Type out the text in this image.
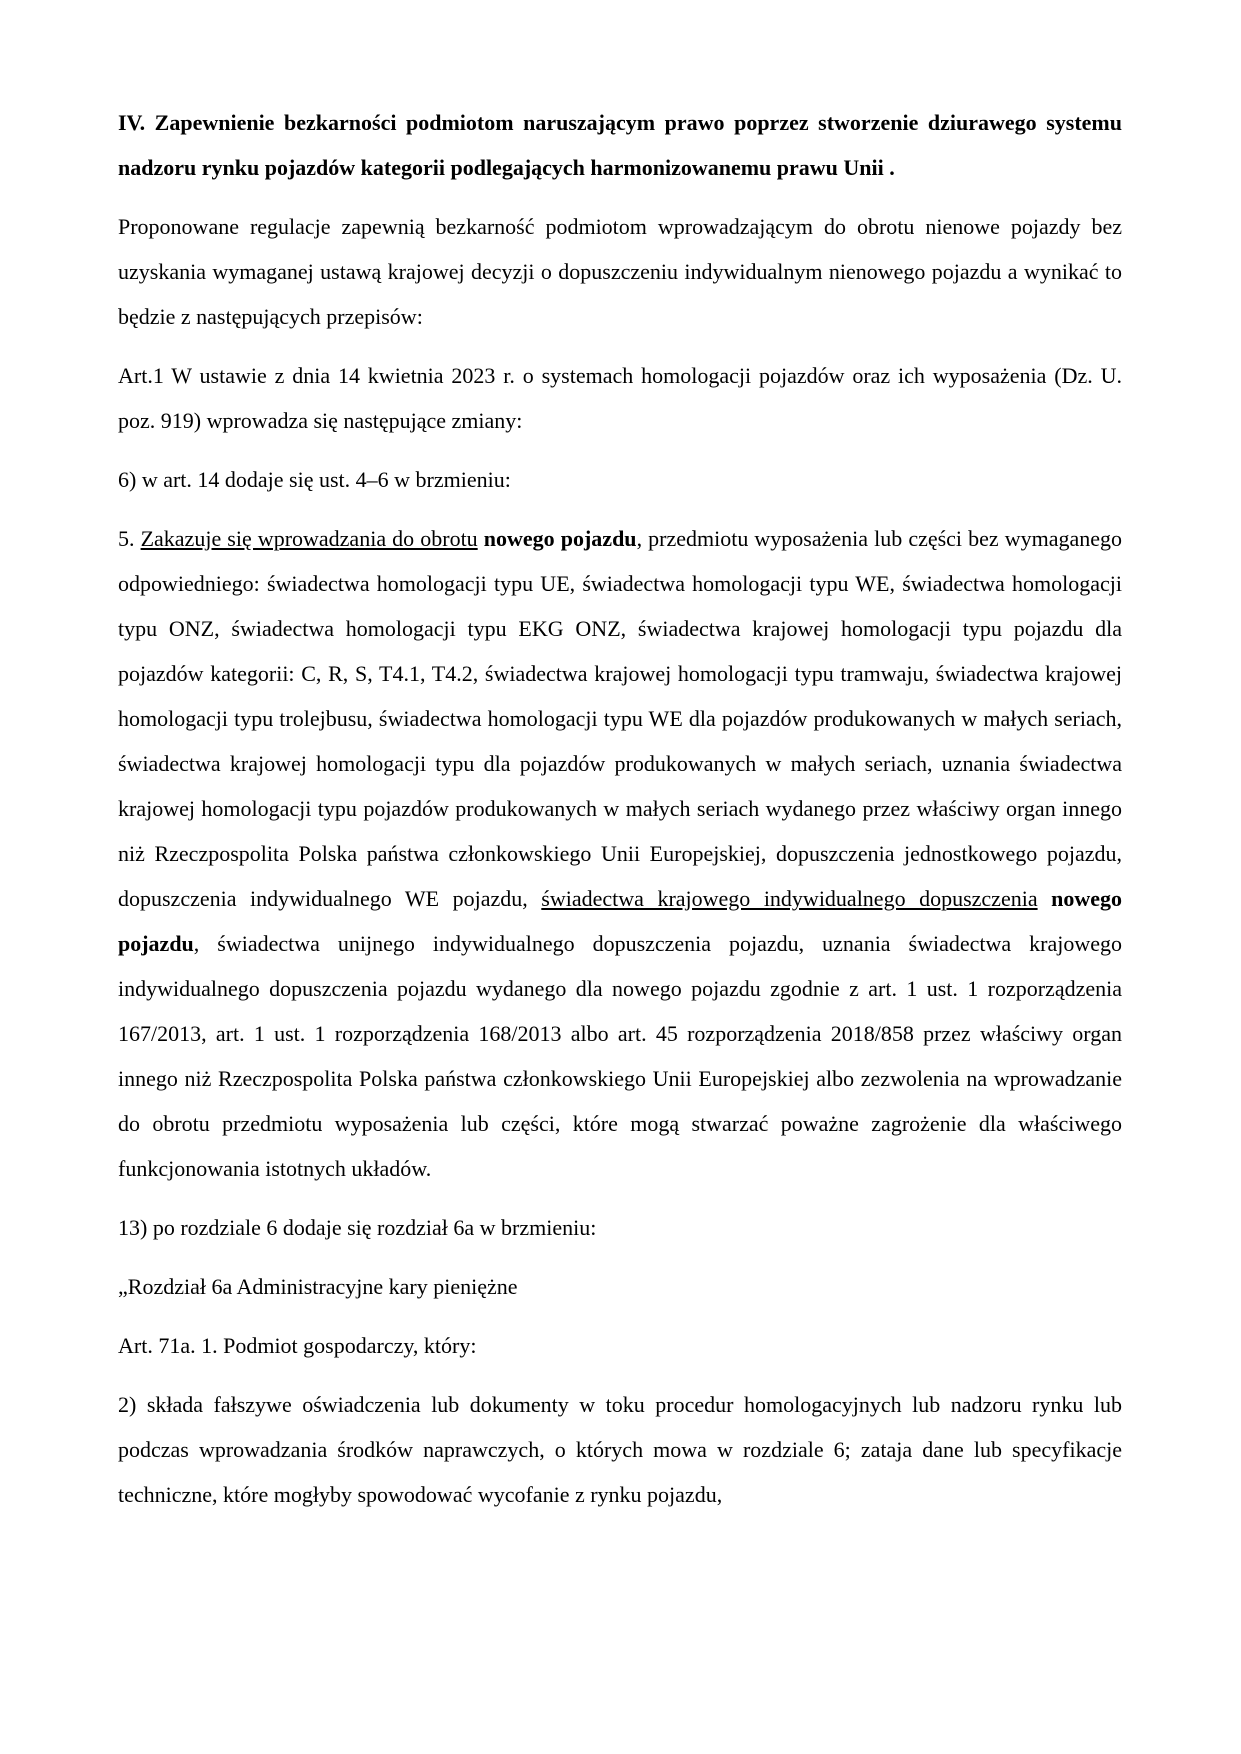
IV. Zapewnienie bezkarności podmiotom naruszającym prawo poprzez stworzenie dziurawego systemu nadzoru rynku pojazdów kategorii podlegających harmonizowanemu prawu Unii .

Proponowane regulacje zapewnią bezkarność podmiotom wprowadzającym do obrotu nienowe pojazdy bez uzyskania wymaganej ustawą krajowej decyzji o dopuszczeniu indywidualnym nienowego pojazdu a wynikać to będzie z następujących przepisów:

Art.1 W ustawie z dnia 14 kwietnia 2023 r. o systemach homologacji pojazdów oraz ich wyposażenia (Dz. U. poz. 919) wprowadza się następujące zmiany:

6) w art. 14 dodaje się ust. 4–6 w brzmieniu:

5. Zakazuje się wprowadzania do obrotu nowego pojazdu, przedmiotu wyposażenia lub części bez wymaganego odpowiedniego: świadectwa homologacji typu UE, świadectwa homologacji typu WE, świadectwa homologacji typu ONZ, świadectwa homologacji typu EKG ONZ, świadectwa krajowej homologacji typu pojazdu dla pojazdów kategorii: C, R, S, T4.1, T4.2, świadectwa krajowej homologacji typu tramwaju, świadectwa krajowej homologacji typu trolejbusu, świadectwa homologacji typu WE dla pojazdów produkowanych w małych seriach, świadectwa krajowej homologacji typu dla pojazdów produkowanych w małych seriach, uznania świadectwa krajowej homologacji typu pojazdów produkowanych w małych seriach wydanego przez właściwy organ innego niż Rzeczpospolita Polska państwa członkowskiego Unii Europejskiej, dopuszczenia jednostkowego pojazdu, dopuszczenia indywidualnego WE pojazdu, świadectwa krajowego indywidualnego dopuszczenia nowego pojazdu, świadectwa unijnego indywidualnego dopuszczenia pojazdu, uznania świadectwa krajowego indywidualnego dopuszczenia pojazdu wydanego dla nowego pojazdu zgodnie z art. 1 ust. 1 rozporządzenia 167/2013, art. 1 ust. 1 rozporządzenia 168/2013 albo art. 45 rozporządzenia 2018/858 przez właściwy organ innego niż Rzeczpospolita Polska państwa członkowskiego Unii Europejskiej albo zezwolenia na wprowadzanie do obrotu przedmiotu wyposażenia lub części, które mogą stwarzać poważne zagrożenie dla właściwego funkcjonowania istotnych układów.

13) po rozdziale 6 dodaje się rozdział 6a w brzmieniu:

„Rozdział 6a Administracyjne kary pieniężne

Art. 71a. 1. Podmiot gospodarczy, który:

2) składa fałszywe oświadczenia lub dokumenty w toku procedur homologacyjnych lub nadzoru rynku lub podczas wprowadzania środków naprawczych, o których mowa w rozdziale 6; zataja dane lub specyfikacje techniczne, które mogłyby spowodować wycofanie z rynku pojazdu,
